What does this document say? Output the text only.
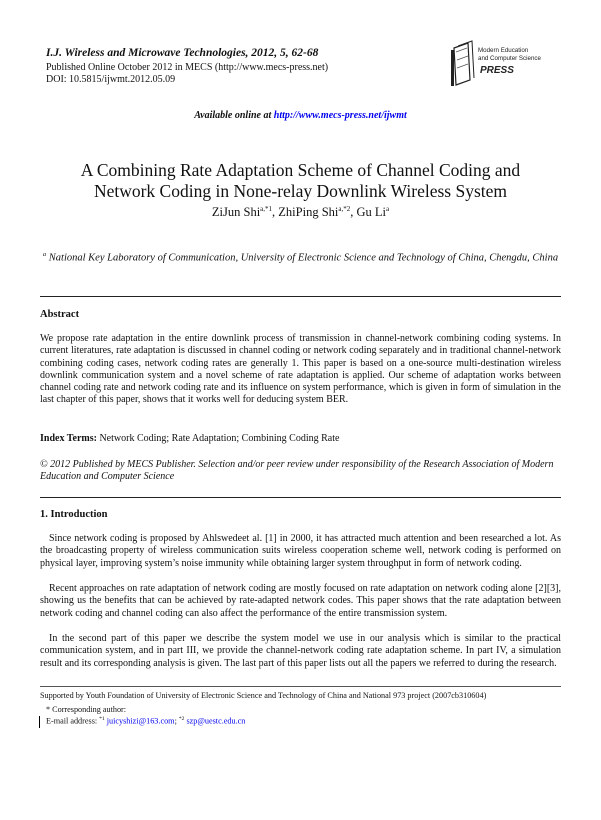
I.J. Wireless and Microwave Technologies, 2012, 5, 62-68
Published Online October 2012 in MECS (http://www.mecs-press.net)
DOI: 10.5815/ijwmt.2012.05.09
Modern Education
and Computer Science
PRESS
Available online at http://www.mecs-press.net/ijwmt
A Combining Rate Adaptation Scheme of Channel Coding and
Network Coding in None-relay Downlink Wireless System
ZiJun Shi$^{a,*1}$, ZhiPing Shi$^{a,*2}$, Gu Li$^a$
$^a$ National Key Laboratory of Communication, University of Electronic Science and Technology of China, Chengdu, China
Abstract
We propose rate adaptation in the entire downlink process of transmission in channel-network combining coding systems. In current literatures, rate adaptation is discussed in channel coding or network coding separately and in traditional channel-network combining coding cases, network coding rates are generally 1. This paper is based on a one-source multi-destination wireless downlink communication system and a novel scheme of rate adaptation is applied. Our scheme of adaptation works between channel coding rate and network coding rate and its influence on system performance, which is given in form of simulation in the last chapter of this paper, shows that it works well for deducing system BER.
Index Terms: Network Coding; Rate Adaptation; Combining Coding Rate
© 2012 Published by MECS Publisher. Selection and/or peer review under responsibility of the Research Association of Modern Education and Computer Science
1. Introduction
Since network coding is proposed by Ahlswedeet al. [1] in 2000, it has attracted much attention and been researched a lot. As the broadcasting property of wireless communication suits wireless cooperation scheme well, network coding is performed on physical layer, improving system’s noise immunity while obtaining larger system throughput in form of network coding.
Recent approaches on rate adaptation of network coding are mostly focused on rate adaptation on network coding alone [2][3], showing us the benefits that can be achieved by rate-adapted network codes. This paper shows that the rate adaptation between network coding and channel coding can also affect the performance of the entire transmission system.
In the second part of this paper we describe the system model we use in our analysis which is similar to the practical communication system, and in part III, we provide the channel-network coding rate adaptation scheme. In part IV, a simulation result and its corresponding analysis is given. The last part of this paper lists out all the papers we referred to during the research.
Supported by Youth Foundation of University of Electronic Science and Technology of China and National 973 project (2007cb310604)
* Corresponding author:
E-mail address: $^{*1}$ juicyshizi@163.com; $^{*2}$ szp@uestc.edu.cn
